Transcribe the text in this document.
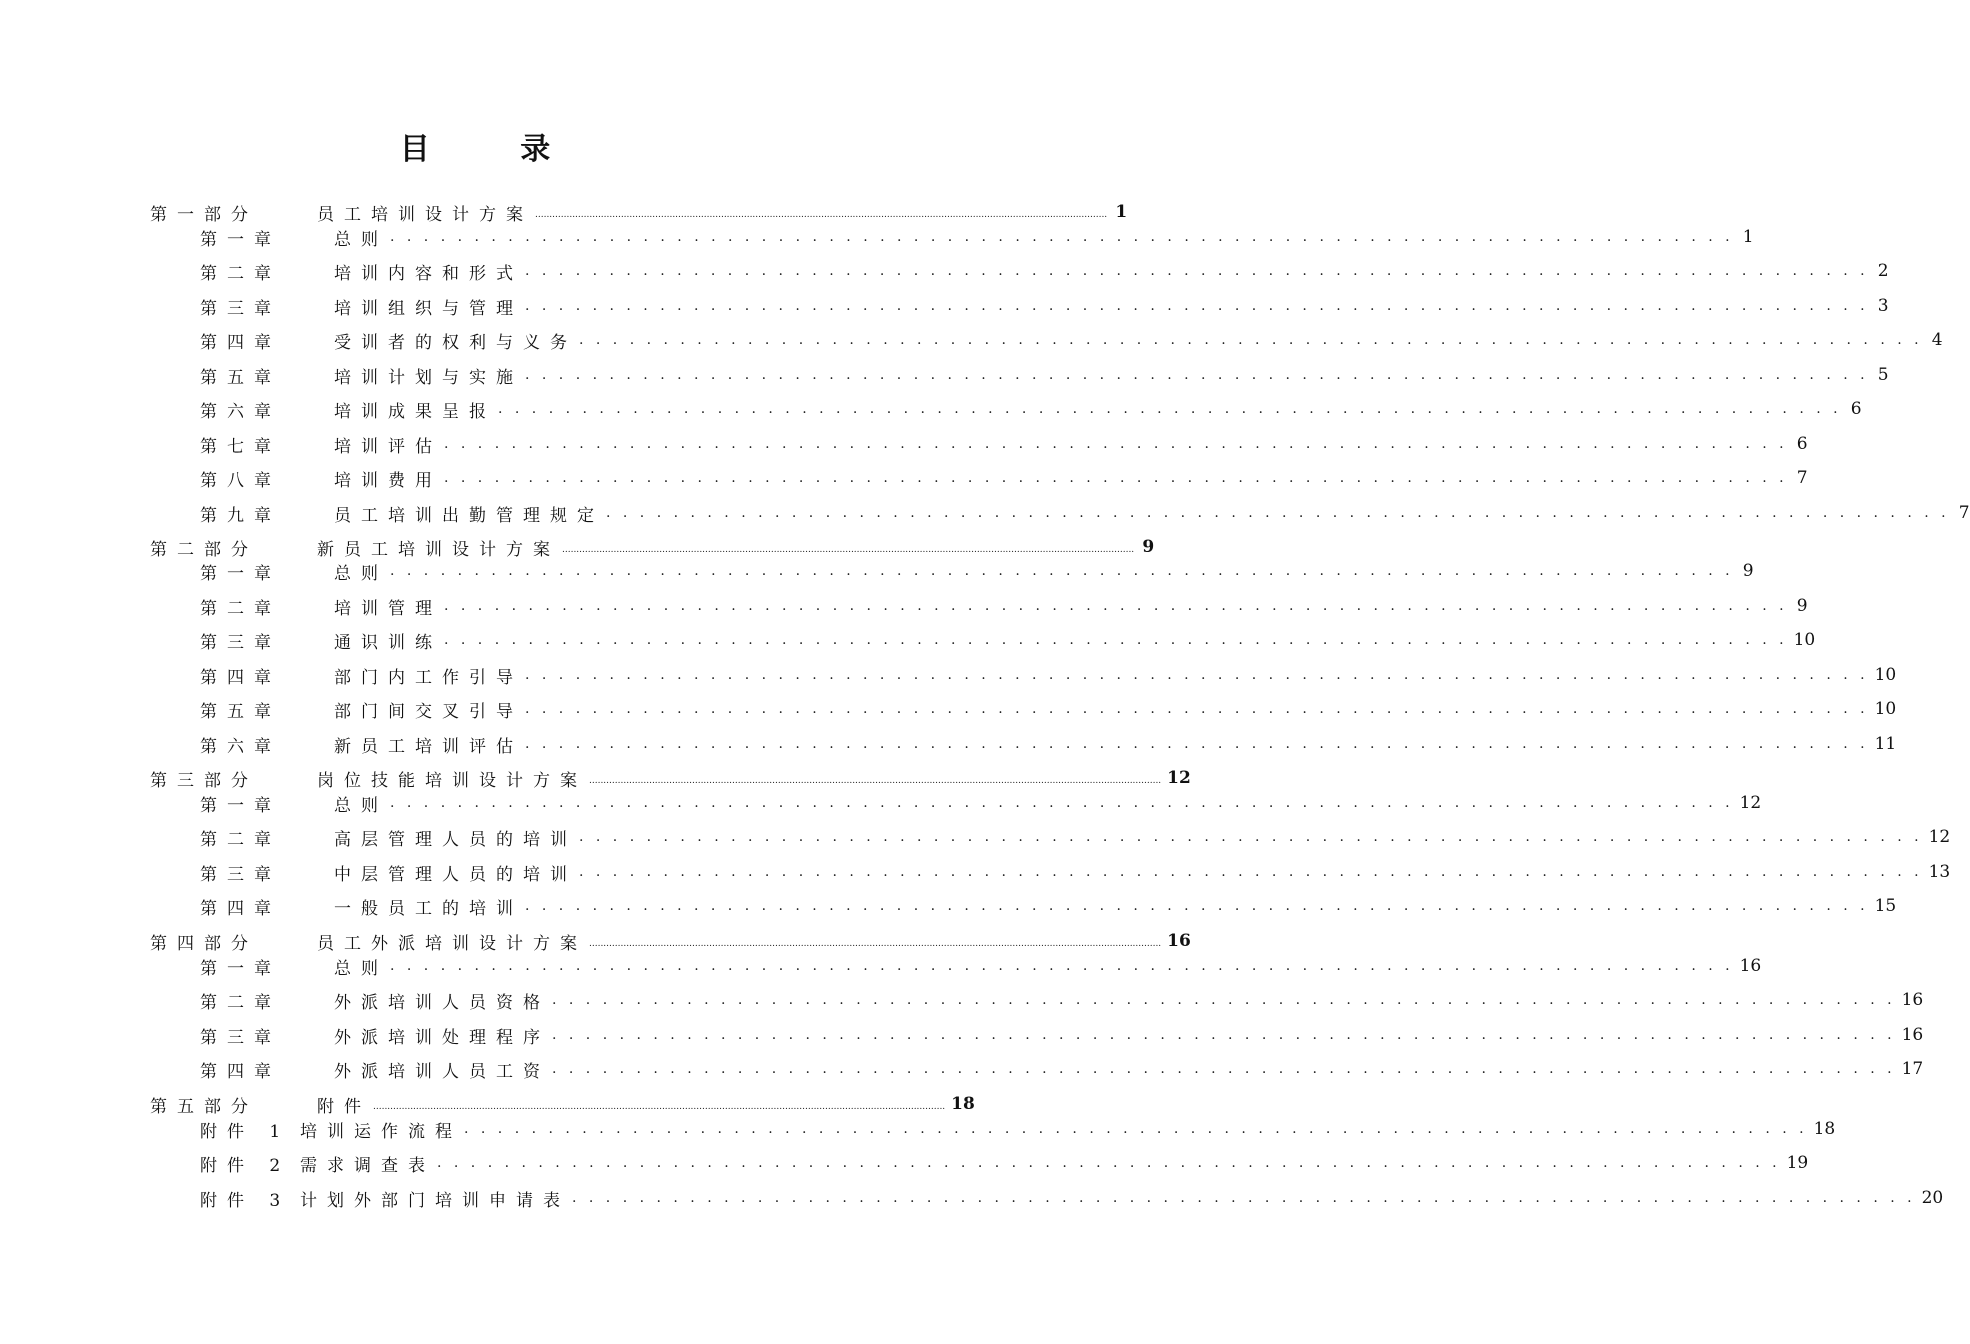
目 录
第一部分	员工培训设计方案 ........................................................................................................................................................................................................ 1
第一章	总则 . . . . . . . . . . . . . . . . . . . . . . . . . . . . . . . . . . . . . . . . . . . . . . . . . . . . . . . . . . . . . . . . . . . . . . . . . . . . . . . . 1
第二章	培训内容和形式 . . . . . . . . . . . . . . . . . . . . . . . . . . . . . . . . . . . . . . . . . . . . . . . . . . . . . . . . . . . . . . . . . . . . . . . . . . . . . . . . 2
第三章	培训组织与管理 . . . . . . . . . . . . . . . . . . . . . . . . . . . . . . . . . . . . . . . . . . . . . . . . . . . . . . . . . . . . . . . . . . . . . . . . . . . . . . . . 3
第四章	受训者的权利与义务 . . . . . . . . . . . . . . . . . . . . . . . . . . . . . . . . . . . . . . . . . . . . . . . . . . . . . . . . . . . . . . . . . . . . . . . . . . . . . . . . 4
第五章	培训计划与实施 . . . . . . . . . . . . . . . . . . . . . . . . . . . . . . . . . . . . . . . . . . . . . . . . . . . . . . . . . . . . . . . . . . . . . . . . . . . . . . . . 5
第六章	培训成果呈报 . . . . . . . . . . . . . . . . . . . . . . . . . . . . . . . . . . . . . . . . . . . . . . . . . . . . . . . . . . . . . . . . . . . . . . . . . . . . . . . . 6
第七章	培训评估 . . . . . . . . . . . . . . . . . . . . . . . . . . . . . . . . . . . . . . . . . . . . . . . . . . . . . . . . . . . . . . . . . . . . . . . . . . . . . . . . 6
第八章	培训费用 . . . . . . . . . . . . . . . . . . . . . . . . . . . . . . . . . . . . . . . . . . . . . . . . . . . . . . . . . . . . . . . . . . . . . . . . . . . . . . . . 7
第九章	员工培训出勤管理规定 . . . . . . . . . . . . . . . . . . . . . . . . . . . . . . . . . . . . . . . . . . . . . . . . . . . . . . . . . . . . . . . . . . . . . . . . . . . . . . . . 7
第二部分	新员工培训设计方案 ........................................................................................................................................................................................................ 9
第一章	总则 . . . . . . . . . . . . . . . . . . . . . . . . . . . . . . . . . . . . . . . . . . . . . . . . . . . . . . . . . . . . . . . . . . . . . . . . . . . . . . . . 9
第二章	培训管理 . . . . . . . . . . . . . . . . . . . . . . . . . . . . . . . . . . . . . . . . . . . . . . . . . . . . . . . . . . . . . . . . . . . . . . . . . . . . . . . . 9
第三章	通识训练 . . . . . . . . . . . . . . . . . . . . . . . . . . . . . . . . . . . . . . . . . . . . . . . . . . . . . . . . . . . . . . . . . . . . . . . . . . . . . . . . 10
第四章	部门内工作引导 . . . . . . . . . . . . . . . . . . . . . . . . . . . . . . . . . . . . . . . . . . . . . . . . . . . . . . . . . . . . . . . . . . . . . . . . . . . . . . . . 10
第五章	部门间交叉引导 . . . . . . . . . . . . . . . . . . . . . . . . . . . . . . . . . . . . . . . . . . . . . . . . . . . . . . . . . . . . . . . . . . . . . . . . . . . . . . . . 10
第六章	新员工培训评估 . . . . . . . . . . . . . . . . . . . . . . . . . . . . . . . . . . . . . . . . . . . . . . . . . . . . . . . . . . . . . . . . . . . . . . . . . . . . . . . . 11
第三部分	岗位技能培训设计方案 ........................................................................................................................................................................................................ 12
第一章	总则 . . . . . . . . . . . . . . . . . . . . . . . . . . . . . . . . . . . . . . . . . . . . . . . . . . . . . . . . . . . . . . . . . . . . . . . . . . . . . . . . 12
第二章	高层管理人员的培训 . . . . . . . . . . . . . . . . . . . . . . . . . . . . . . . . . . . . . . . . . . . . . . . . . . . . . . . . . . . . . . . . . . . . . . . . . . . . . . . . 12
第三章	中层管理人员的培训 . . . . . . . . . . . . . . . . . . . . . . . . . . . . . . . . . . . . . . . . . . . . . . . . . . . . . . . . . . . . . . . . . . . . . . . . . . . . . . . . 13
第四章	一般员工的培训 . . . . . . . . . . . . . . . . . . . . . . . . . . . . . . . . . . . . . . . . . . . . . . . . . . . . . . . . . . . . . . . . . . . . . . . . . . . . . . . . 15
第四部分	员工外派培训设计方案 ........................................................................................................................................................................................................ 16
第一章	总则 . . . . . . . . . . . . . . . . . . . . . . . . . . . . . . . . . . . . . . . . . . . . . . . . . . . . . . . . . . . . . . . . . . . . . . . . . . . . . . . . 16
第二章	外派培训人员资格 . . . . . . . . . . . . . . . . . . . . . . . . . . . . . . . . . . . . . . . . . . . . . . . . . . . . . . . . . . . . . . . . . . . . . . . . . . . . . . . . 16
第三章	外派培训处理程序 . . . . . . . . . . . . . . . . . . . . . . . . . . . . . . . . . . . . . . . . . . . . . . . . . . . . . . . . . . . . . . . . . . . . . . . . . . . . . . . . 16
第四章	外派培训人员工资 . . . . . . . . . . . . . . . . . . . . . . . . . . . . . . . . . . . . . . . . . . . . . . . . . . . . . . . . . . . . . . . . . . . . . . . . . . . . . . . . 17
第五部分	附件 ........................................................................................................................................................................................................ 18
附件 1 培训运作流程 . . . . . . . . . . . . . . . . . . . . . . . . . . . . . . . . . . . . . . . . . . . . . . . . . . . . . . . . . . . . . . . . . . . . . . . . . . . . . . . . 18
附件 2 需求调查表 . . . . . . . . . . . . . . . . . . . . . . . . . . . . . . . . . . . . . . . . . . . . . . . . . . . . . . . . . . . . . . . . . . . . . . . . . . . . . . . . 19
附件 3 计划外部门培训申请表 . . . . . . . . . . . . . . . . . . . . . . . . . . . . . . . . . . . . . . . . . . . . . . . . . . . . . . . . . . . . . . . . . . . . . . . . . . . . . . . . 20
